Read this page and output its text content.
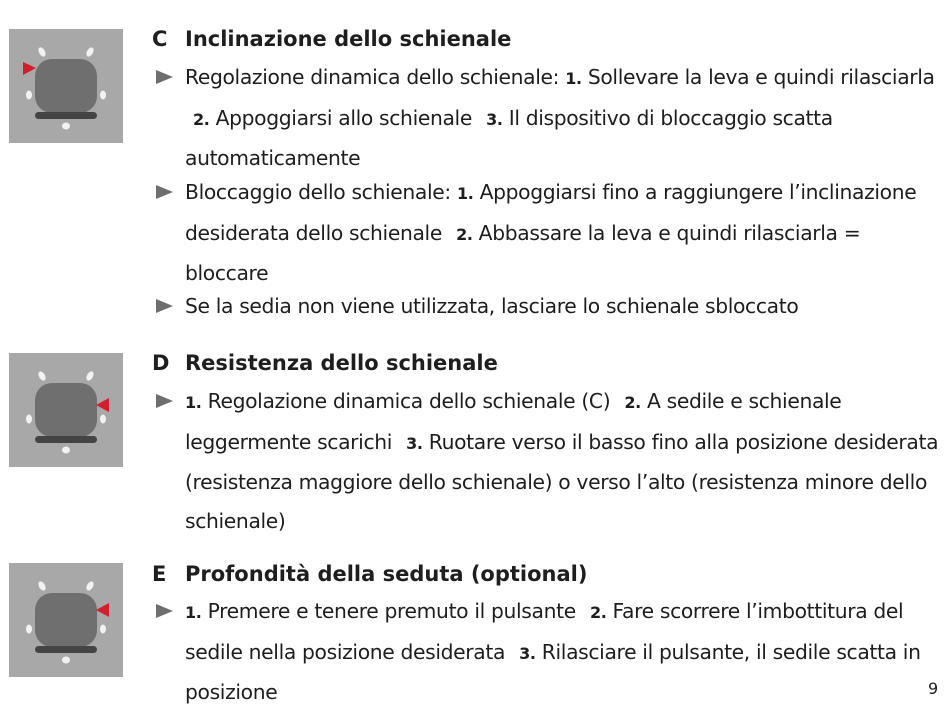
C Inclinazione dello schienale
Regolazione dinamica dello schienale: 1. Sollevare la leva e quindi rilasciarla 2. Appoggiarsi allo schienale 3. Il dispositivo di bloccaggio scatta automaticamente
Bloccaggio dello schienale: 1. Appoggiarsi fino a raggiungere l’inclinazione desiderata dello schienale 2. Abbassare la leva e quindi rilasciarla = bloccare
Se la sedia non viene utilizzata, lasciare lo schienale sbloccato
D Resistenza dello schienale
1. Regolazione dinamica dello schienale (C) 2. A sedile e schienale leggermente scarichi 3. Ruotare verso il basso fino alla posizione desiderata (resistenza maggiore dello schienale) o verso l’alto (resistenza minore dello schienale)
E Profondità della seduta (optional)
1. Premere e tenere premuto il pulsante 2. Fare scorrere l’imbottitura del sedile nella posizione desiderata 3. Rilasciare il pulsante, il sedile scatta in posizione	9
